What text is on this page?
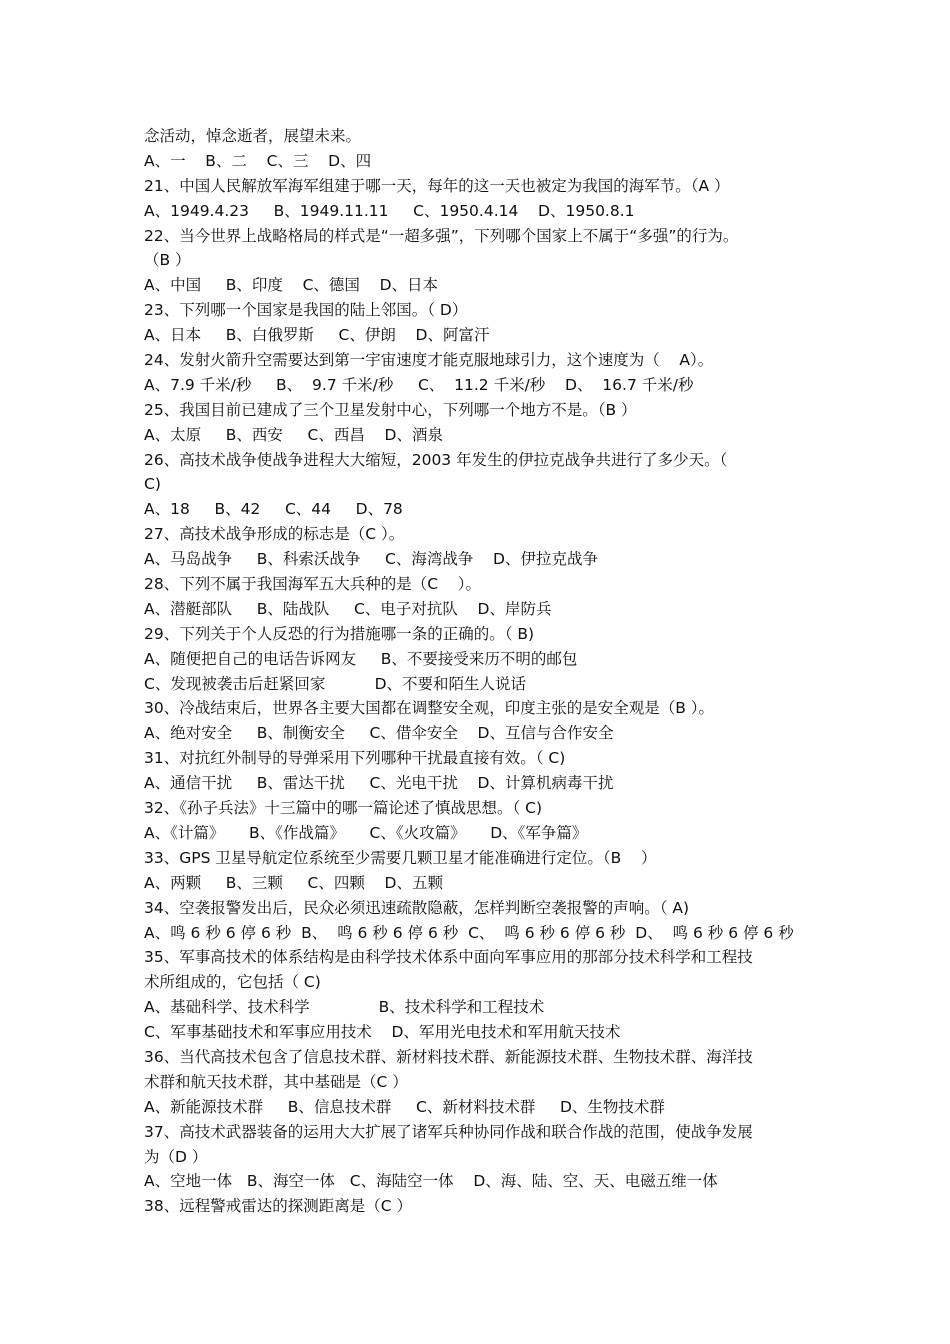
念活动，悼念逝者，展望未来。
A、一    B、二    C、三    D、四
21、中国人民解放军海军组建于哪一天，每年的这一天也被定为我国的海军节。（A ）
A、1949.4.23     B、1949.11.11     C、1950.4.14    D、1950.8.1
22、当今世界上战略格局的样式是“一超多强”，下列哪个国家上不属于“多强”的行为。
（B ）
A、中国     B、印度    C、德国    D、日本
23、下列哪一个国家是我国的陆上邻国。（ D）
A、日本     B、白俄罗斯     C、伊朗    D、阿富汗
24、发射火箭升空需要达到第一宇宙速度才能克服地球引力，这个速度为（    A）。
A、7.9 千米/秒     B、  9.7 千米/秒     C、  11.2 千米/秒    D、  16.7 千米/秒
25、我国目前已建成了三个卫星发射中心，下列哪一个地方不是。（B ）
A、太原     B、西安     C、西昌    D、酒泉
26、高技术战争使战争进程大大缩短，2003 年发生的伊拉克战争共进行了多少天。（
C)
A、18     B、42     C、44     D、78
27、高技术战争形成的标志是（C ）。
A、马岛战争     B、科索沃战争     C、海湾战争    D、伊拉克战争
28、下列不属于我国海军五大兵种的是（C    ）。
A、潜艇部队     B、陆战队     C、电子对抗队    D、岸防兵
29、下列关于个人反恐的行为措施哪一条的正确的。（ B)
A、随便把自己的电话告诉网友     B、不要接受来历不明的邮包
C、发现被袭击后赶紧回家          D、不要和陌生人说话
30、冷战结束后，世界各主要大国都在调整安全观，印度主张的是安全观是（B ）。
A、绝对安全     B、制衡安全     C、借伞安全    D、互信与合作安全
31、对抗红外制导的导弹采用下列哪种干扰最直接有效。（ C)
A、通信干扰     B、雷达干扰     C、光电干扰    D、计算机病毒干扰
32、《孙子兵法》十三篇中的哪一篇论述了慎战思想。（ C)
A、《计篇》     B、《作战篇》     C、《火攻篇》     D、《军争篇》
33、GPS 卫星导航定位系统至少需要几颗卫星才能准确进行定位。（B    ）
A、两颗     B、三颗     C、四颗    D、五颗
34、空袭报警发出后，民众必须迅速疏散隐蔽，怎样判断空袭报警的声响。（ A)
A、鸣 6 秒 6 停 6 秒  B、  鸣 6 秒 6 停 6 秒  C、  鸣 6 秒 6 停 6 秒  D、  鸣 6 秒 6 停 6 秒
35、军事高技术的体系结构是由科学技术体系中面向军事应用的那部分技术科学和工程技
术所组成的，它包括（ C)
A、基础科学、技术科学              B、技术科学和工程技术
C、军事基础技术和军事应用技术    D、军用光电技术和军用航天技术
36、当代高技术包含了信息技术群、新材料技术群、新能源技术群、生物技术群、海洋技
术群和航天技术群，其中基础是（C ）
A、新能源技术群     B、信息技术群     C、新材料技术群     D、生物技术群
37、高技术武器装备的运用大大扩展了诸军兵种协同作战和联合作战的范围，使战争发展
为（D ）
A、空地一体   B、海空一体   C、海陆空一体    D、海、陆、空、天、电磁五维一体
38、远程警戒雷达的探测距离是（C ）
